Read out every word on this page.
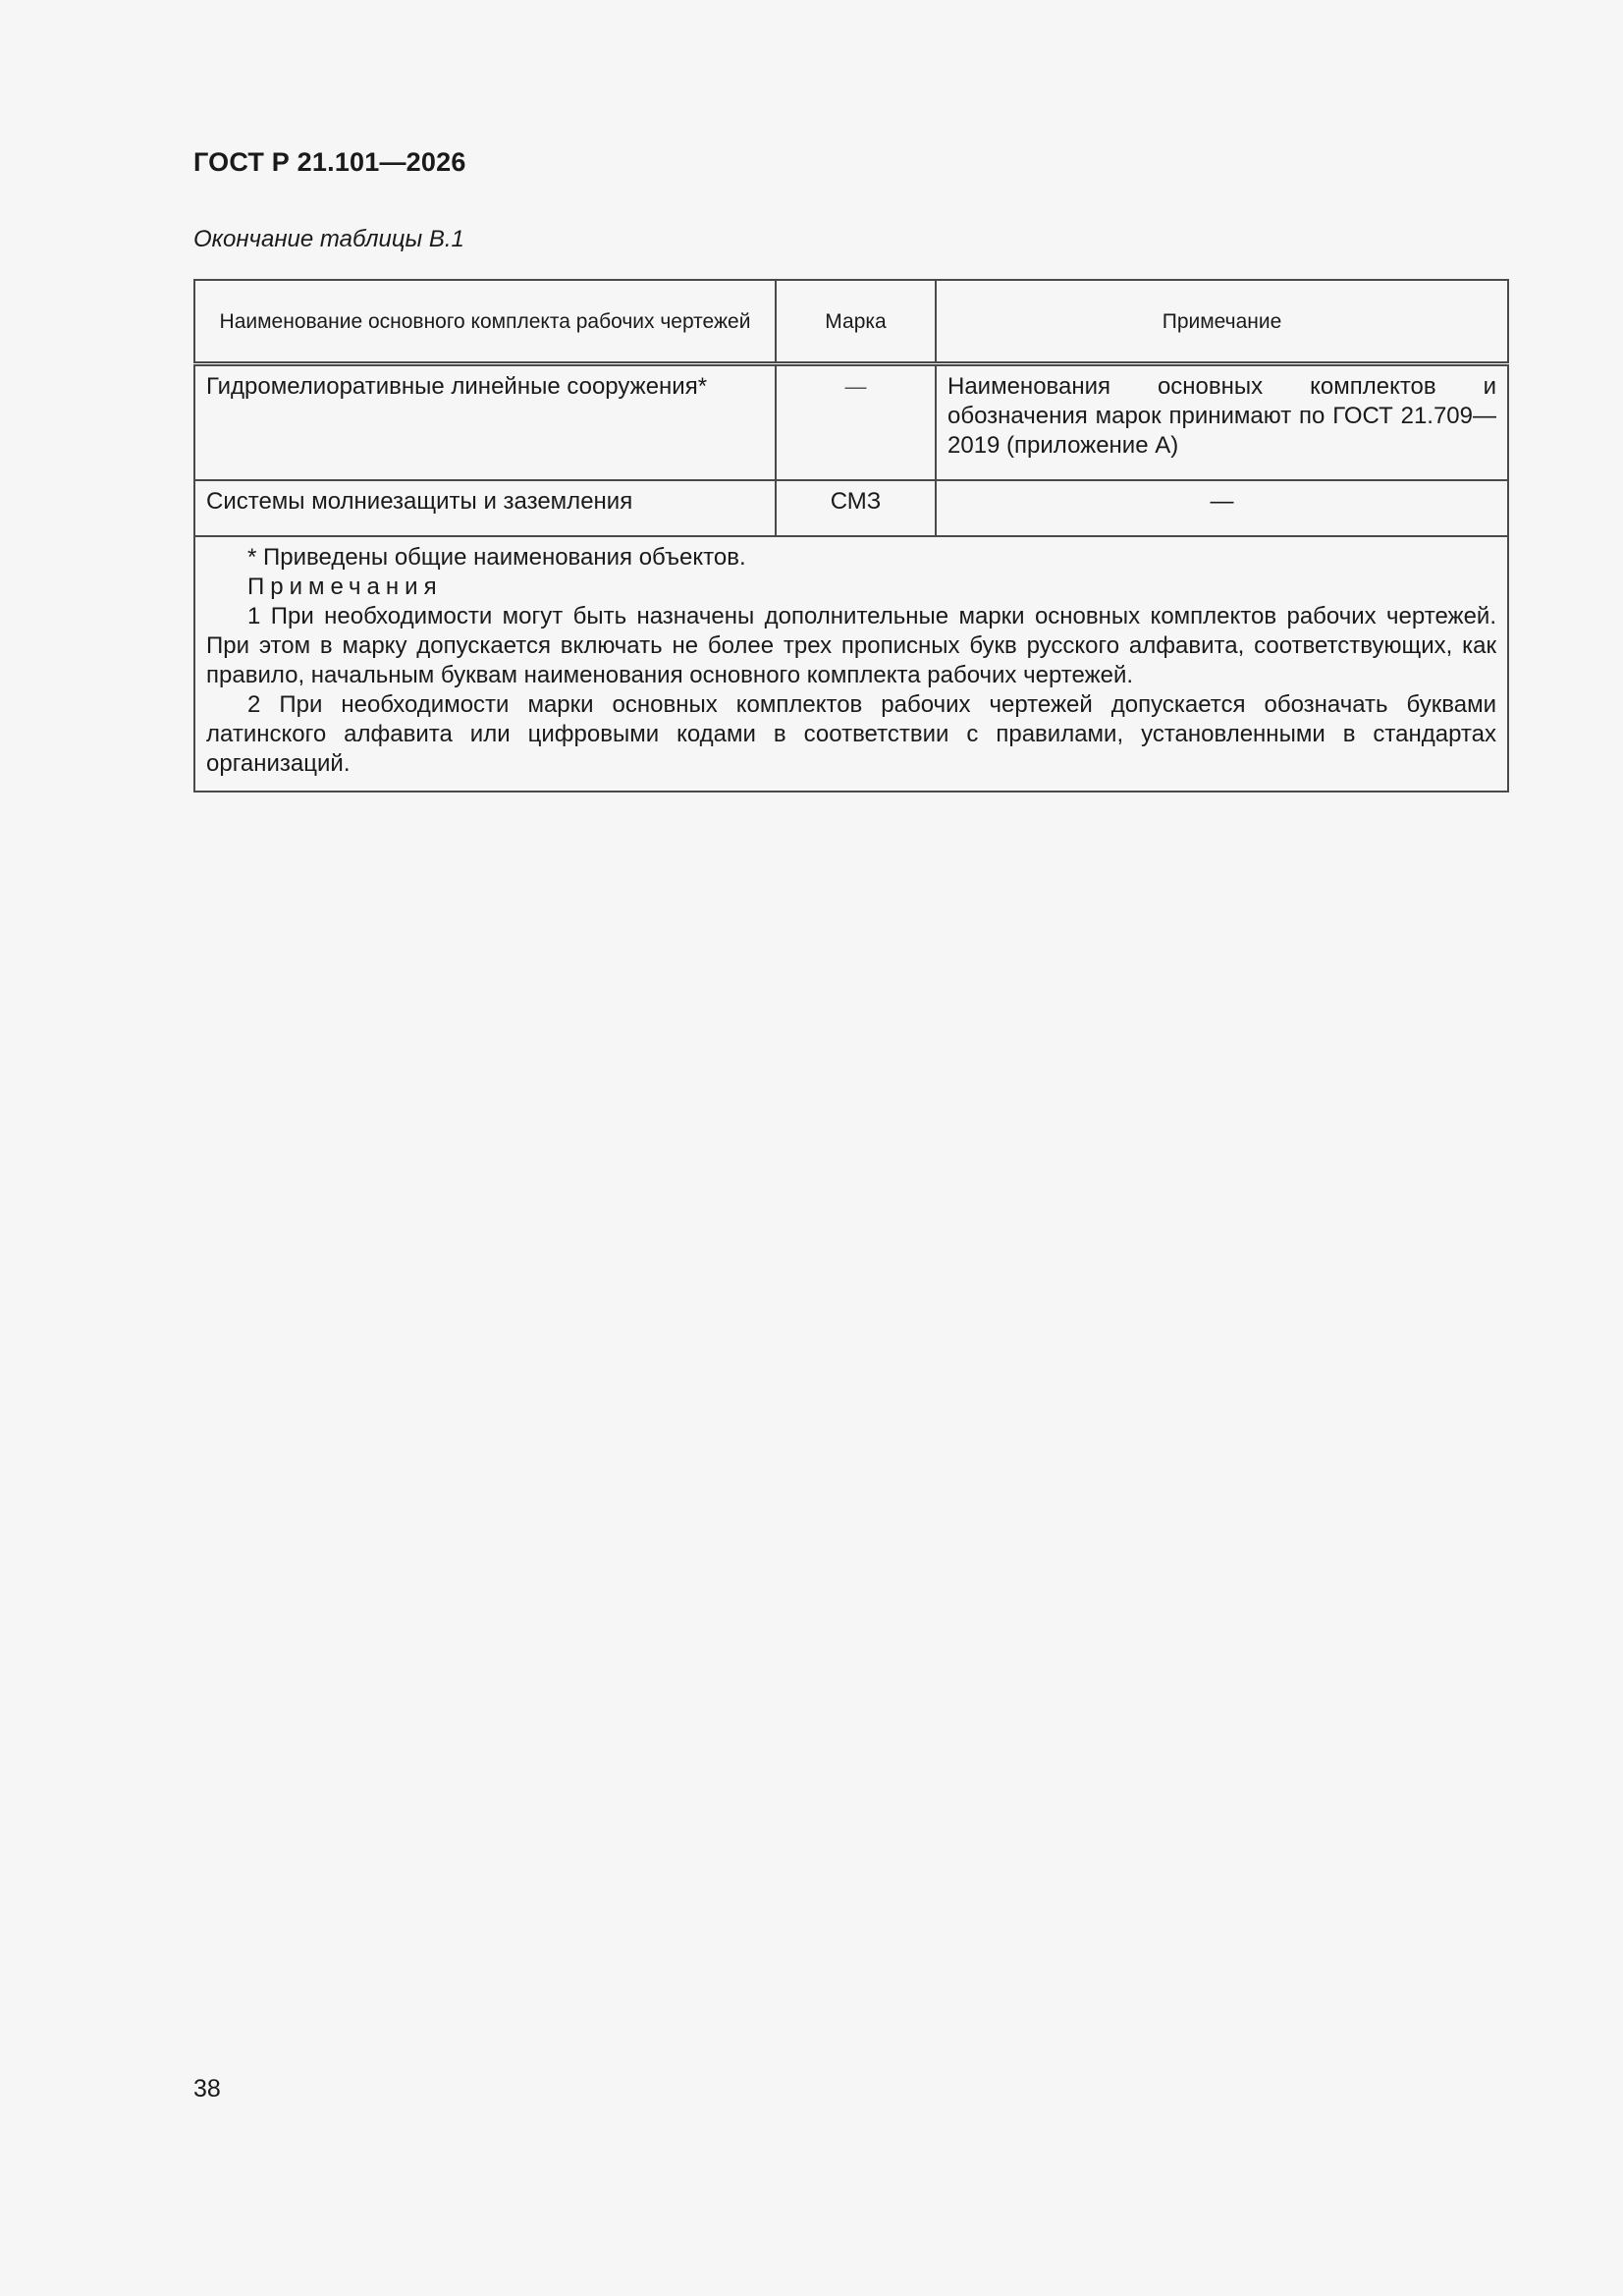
ГОСТ Р 21.101—2026
Окончание таблицы В.1
Наименование основного комплекта рабочих чертежей	Марка	Примечание
Гидромелиоративные линейные сооружения*	—	Наименования основных комплектов и обозначения марок принимают по ГОСТ 21.709—2019 (приложение А)
Системы молниезащиты и заземления	СМЗ	—

* Приведены общие наименования объектов.
Примечания
1 При необходимости могут быть назначены дополнительные марки основных комплектов рабочих чертежей. При этом в марку допускается включать не более трех прописных букв русского алфавита, соответствующих, как правило, начальным буквам наименования основного комплекта рабочих чертежей.
2 При необходимости марки основных комплектов рабочих чертежей допускается обозначать буквами латинского алфавита или цифровыми кодами в соответствии с правилами, установленными в стандартах организаций.		
38
